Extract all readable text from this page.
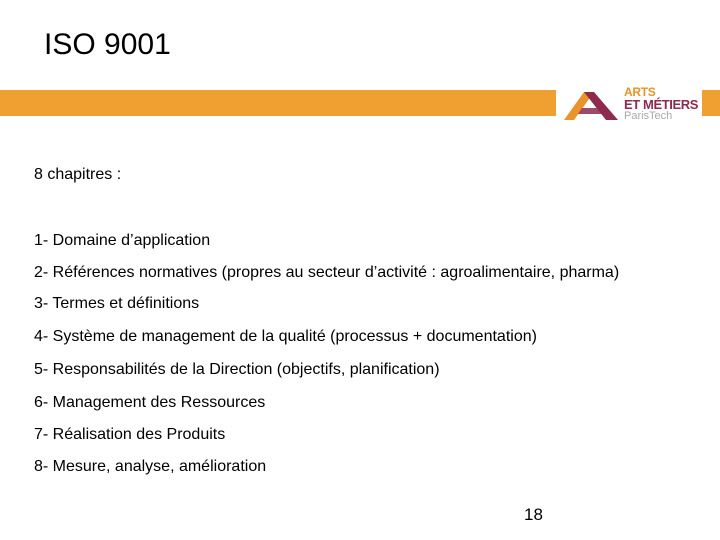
ISO 9001
ARTS
ET MÉTIERS
ParisTech
8 chapitres :
1- Domaine d’application
2- Références normatives (propres au secteur d’activité : agroalimentaire, pharma)
3- Termes et définitions
4- Système de management de la qualité (processus + documentation)
5- Responsabilités de la Direction (objectifs, planification)
6- Management des Ressources
7- Réalisation des Produits
8- Mesure, analyse, amélioration
18
